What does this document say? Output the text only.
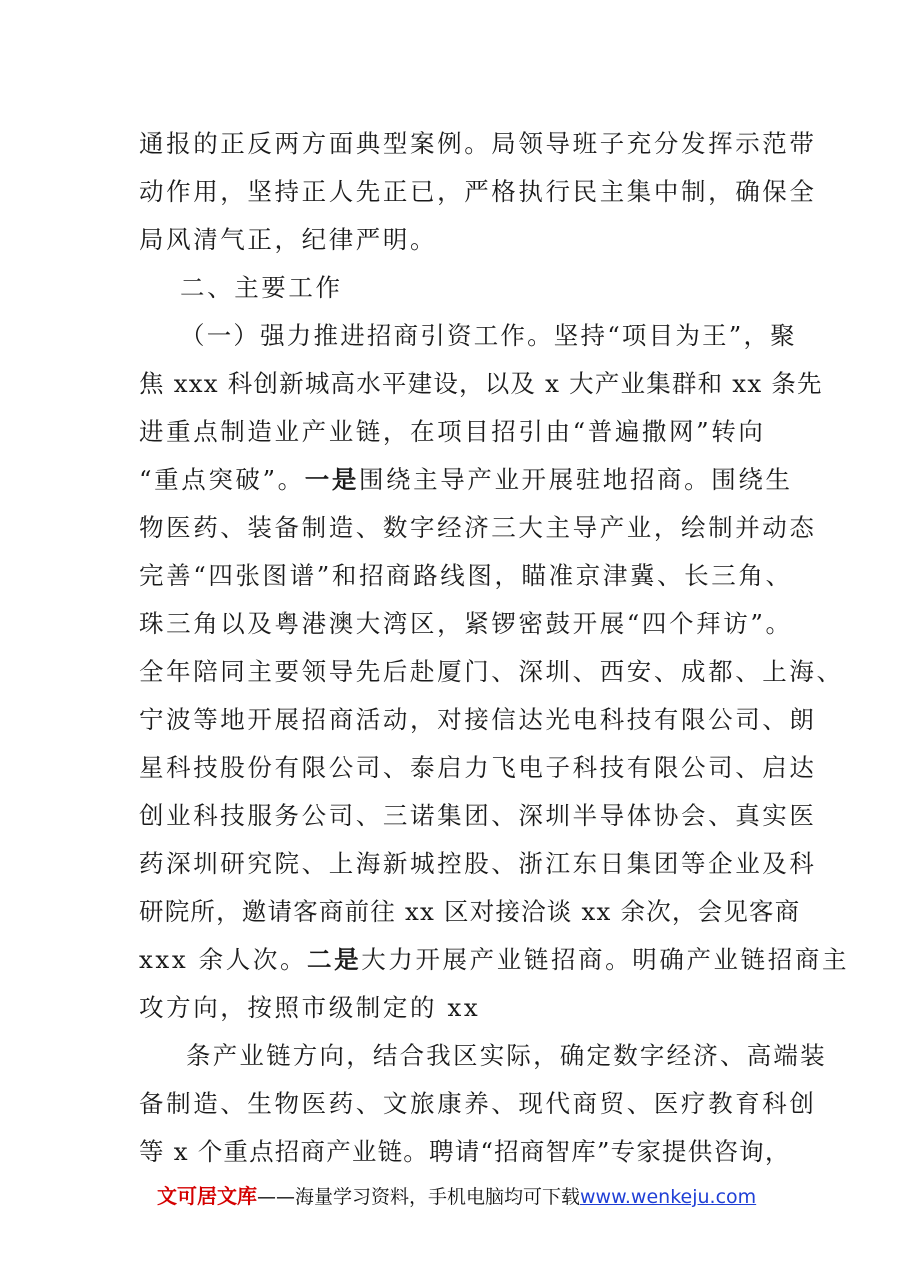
通报的正反两方面典型案例。局领导班子充分发挥示范带
动作用，坚持正人先正已，严格执行民主集中制，确保全
局风清气正，纪律严明。
二、主要工作
（一）强力推进招商引资工作。坚持“项目为王”，聚
焦 xxx 科创新城高水平建设，以及 x 大产业集群和 xx 条先
进重点制造业产业链，在项目招引由“普遍撒网”转向
“重点突破”。一是围绕主导产业开展驻地招商。围绕生
物医药、装备制造、数字经济三大主导产业，绘制并动态
完善“四张图谱”和招商路线图，瞄准京津冀、长三角、
珠三角以及粤港澳大湾区，紧锣密鼓开展“四个拜访”。
全年陪同主要领导先后赴厦门、深圳、西安、成都、上海、
宁波等地开展招商活动，对接信达光电科技有限公司、朗
星科技股份有限公司、泰启力飞电子科技有限公司、启达
创业科技服务公司、三诺集团、深圳半导体协会、真实医
药深圳研究院、上海新城控股、浙江东日集团等企业及科
研院所，邀请客商前往 xx 区对接洽谈 xx 余次，会见客商
xxx 余人次。二是大力开展产业链招商。明确产业链招商主
攻方向，按照市级制定的 xx
条产业链方向，结合我区实际，确定数字经济、高端装
备制造、生物医药、文旅康养、现代商贸、医疗教育科创
等 x 个重点招商产业链。聘请“招商智库”专家提供咨询，
文可居文库——海量学习资料，手机电脑均可下载www.wenkeju.com
